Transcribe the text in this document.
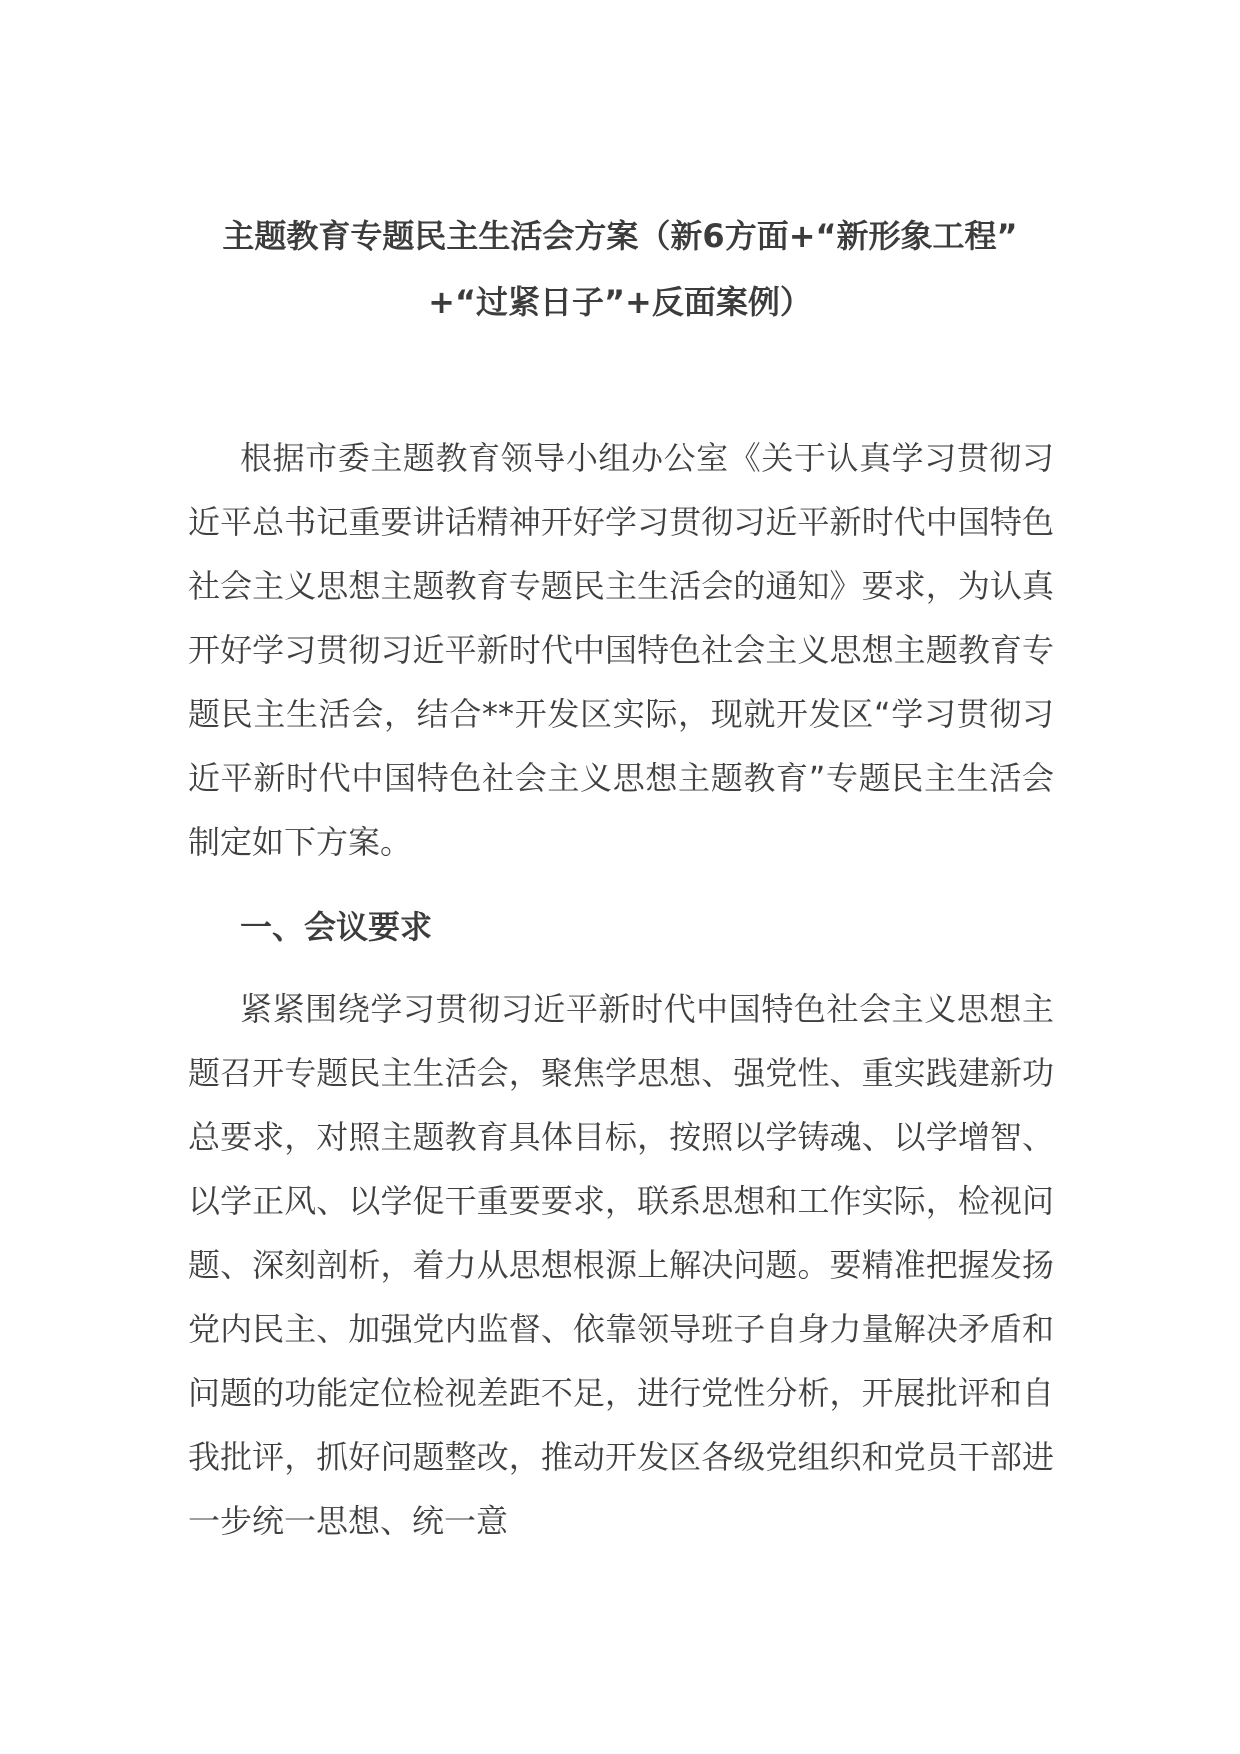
主题教育专题民主生活会方案（新6方面+“新形象工程”
+“过紧日子”+反面案例）
根据市委主题教育领导小组办公室《关于认真学习贯彻习近平总书记重要讲话精神开好学习贯彻习近平新时代中国特色社会主义思想主题教育专题民主生活会的通知》要求，为认真开好学习贯彻习近平新时代中国特色社会主义思想主题教育专题民主生活会，结合**开发区实际，现就开发区“学习贯彻习近平新时代中国特色社会主义思想主题教育”专题民主生活会制定如下方案。
一、会议要求
紧紧围绕学习贯彻习近平新时代中国特色社会主义思想主题召开专题民主生活会，聚焦学思想、强党性、重实践建新功总要求，对照主题教育具体目标，按照以学铸魂、以学增智、以学正风、以学促干重要要求，联系思想和工作实际，检视问题、深刻剖析，着力从思想根源上解决问题。要精准把握发扬党内民主、加强党内监督、依靠领导班子自身力量解决矛盾和问题的功能定位检视差距不足，进行党性分析，开展批评和自我批评，抓好问题整改，推动开发区各级党组织和党员干部进一步统一思想、统一意
